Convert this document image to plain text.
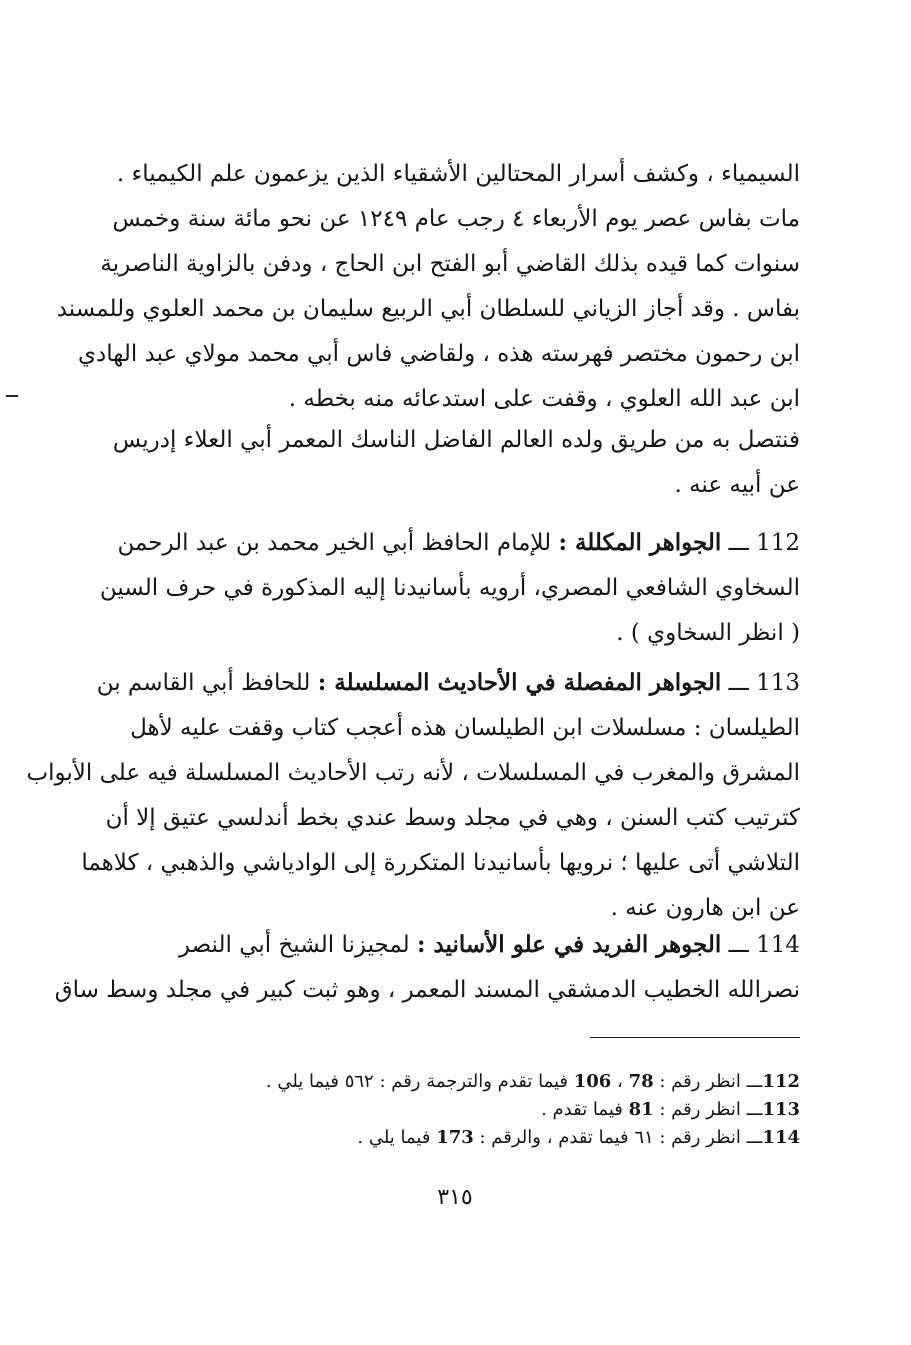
السيمياء ، وكشف أسرار المحتالين الأشقياء الذين يزعمون علم الكيمياء .
مات بفاس عصر يوم الأربعاء ٤ رجب عام ١٢٤٩ عن نحو مائة سنة وخمس
سنوات كما قيده بذلك القاضي أبو الفتح ابن الحاج ، ودفن بالزاوية الناصرية
بفاس . وقد أجاز الزياني للسلطان أبي الربيع سليمان بن محمد العلوي وللمسند
ابن رحمون مختصر فهرسته هذه ، ولقاضي فاس أبي محمد مولاي عبد الهادي
ابن عبد الله العلوي ، وقفت على استدعائه منه بخطه .
فنتصل به من طريق ولده العالم الفاضل الناسك المعمر أبي العلاء إدريس
عن أبيه عنه .
112 ـــ الجواهر المكللة : للإمام الحافظ أبي الخير محمد بن عبد الرحمن
السخاوي الشافعي المصري، أرويه بأسانيدنا إليه المذكورة في حرف السين
( انظر السخاوي ) .
113 ـــ الجواهر المفصلة في الأحاديث المسلسلة : للحافظ أبي القاسم بن
الطيلسان : مسلسلات ابن الطيلسان هذه أعجب كتاب وقفت عليه لأهل
المشرق والمغرب في المسلسلات ، لأنه رتب الأحاديث المسلسلة فيه على الأبواب
كترتيب كتب السنن ، وهي في مجلد وسط عندي بخط أندلسي عتيق إلا أن
التلاشي أتى عليها ؛ نرويها بأسانيدنا المتكررة إلى الوادياشي والذهبي ، كلاهما
عن ابن هارون عنه .
114 ـــ الجوهر الفريد في علو الأسانيد : لمجيزنا الشيخ أبي النصر
نصرالله الخطيب الدمشقي المسند المعمر ، وهو ثبت كبير في مجلد وسط ساق
112ـــ انظر رقم : 78 ، 106 فيما تقدم والترجمة رقم : ٥٦٢ فيما يلي .
113ـــ انظر رقم : 81 فيما تقدم .
114ـــ انظر رقم : ٦١ فيما تقدم ، والرقم : 173 فيما يلي .
٣١٥
